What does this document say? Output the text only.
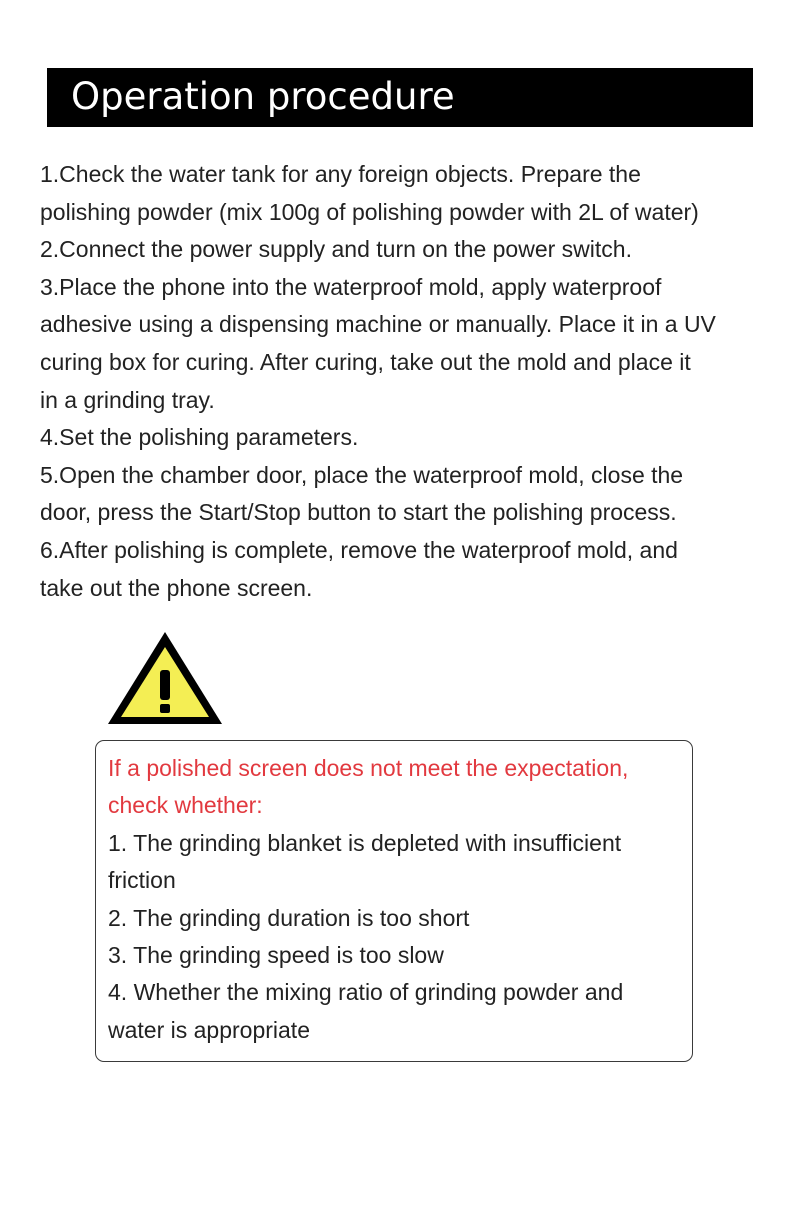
Operation procedure
1.Check the water tank for any foreign objects. Prepare the
polishing powder (mix 100g of polishing powder with 2L of water)
2.Connect the power supply and turn on the power switch.
3.Place the phone into the waterproof mold, apply waterproof
adhesive using a dispensing machine or manually. Place it in a UV
curing box for curing. After curing, take out the mold and place it
in a grinding tray.
4.Set the polishing parameters.
5.Open the chamber door, place the waterproof mold, close the
door, press the Start/Stop button to start the polishing process.
6.After polishing is complete, remove the waterproof mold, and
take out the phone screen.
If a polished screen does not meet the expectation,
check whether:
1. The grinding blanket is depleted with insufficient
friction
2. The grinding duration is too short
3. The grinding speed is too slow
4. Whether the mixing ratio of grinding powder and
water is appropriate
